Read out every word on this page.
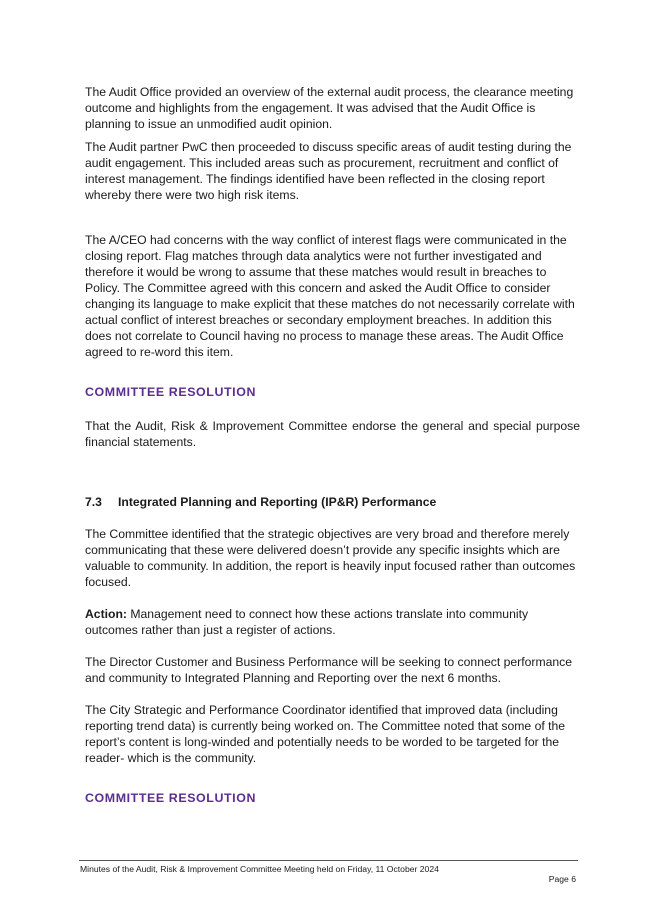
The Audit Office provided an overview of the external audit process, the clearance meeting outcome and highlights from the engagement. It was advised that the Audit Office is planning to issue an unmodified audit opinion.

The Audit partner PwC then proceeded to discuss specific areas of audit testing during the audit engagement. This included areas such as procurement, recruitment and conflict of interest management. The findings identified have been reflected in the closing report whereby there were two high risk items.

The A/CEO had concerns with the way conflict of interest flags were communicated in the closing report. Flag matches through data analytics were not further investigated and therefore it would be wrong to assume that these matches would result in breaches to Policy. The Committee agreed with this concern and asked the Audit Office to consider changing its language to make explicit that these matches do not necessarily correlate with actual conflict of interest breaches or secondary employment breaches. In addition this does not correlate to Council having no process to manage these areas. The Audit Office agreed to re-word this item.

COMMITTEE RESOLUTION

That the Audit, Risk & Improvement Committee endorse the general and special purpose financial statements.

7.3 Integrated Planning and Reporting (IP&R) Performance

The Committee identified that the strategic objectives are very broad and therefore merely communicating that these were delivered doesn’t provide any specific insights which are valuable to community. In addition, the report is heavily input focused rather than outcomes focused.

Action: Management need to connect how these actions translate into community outcomes rather than just a register of actions.

The Director Customer and Business Performance will be seeking to connect performance and community to Integrated Planning and Reporting over the next 6 months.

The City Strategic and Performance Coordinator identified that improved data (including reporting trend data) is currently being worked on. The Committee noted that some of the report’s content is long-winded and potentially needs to be worded to be targeted for the reader- which is the community.

COMMITTEE RESOLUTION

Minutes of the Audit, Risk & Improvement Committee Meeting held on Friday, 11 October 2024

Page 6
